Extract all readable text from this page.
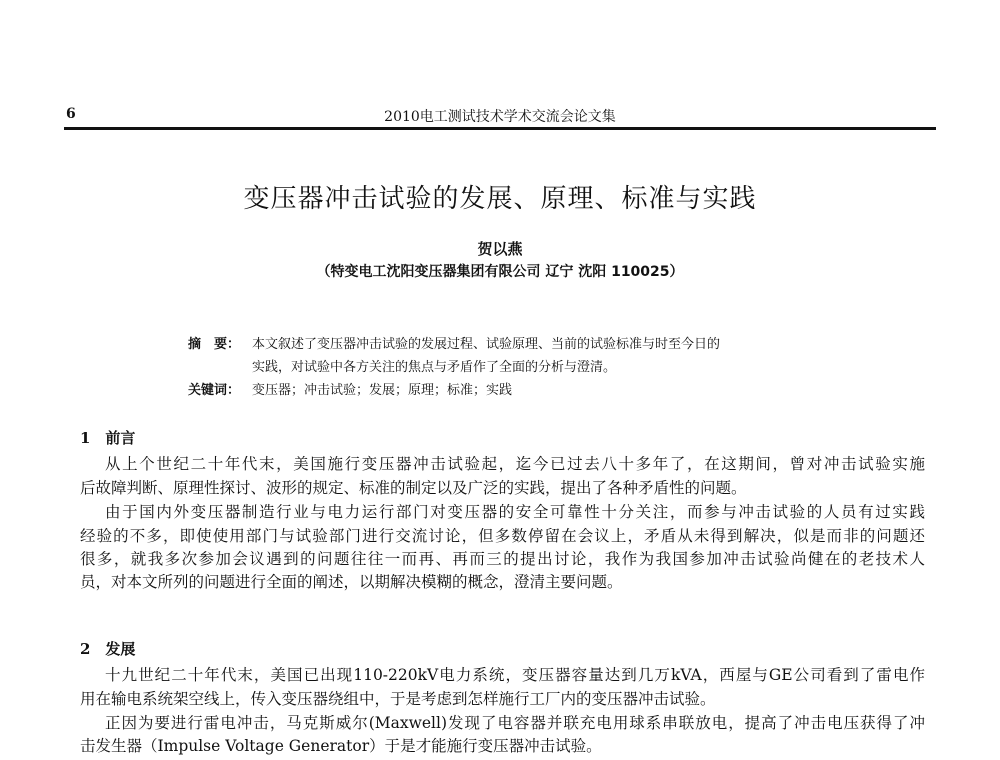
6	2010电工测试技术学术交流会论文集
变压器冲击试验的发展、原理、标准与实践
贺以燕
（特变电工沈阳变压器集团有限公司 辽宁 沈阳 110025）
摘　要： 本文叙述了变压器冲击试验的发展过程、试验原理、当前的试验标准与时至今日的
实践，对试验中各方关注的焦点与矛盾作了全面的分析与澄清。
关键词： 变压器；冲击试验；发展；原理；标准；实践
1　前言
从上个世纪二十年代末，美国施行变压器冲击试验起，迄今已过去八十多年了，在这期间，曾对冲击试验实施
后故障判断、原理性探讨、波形的规定、标准的制定以及广泛的实践，提出了各种矛盾性的问题。
由于国内外变压器制造行业与电力运行部门对变压器的安全可靠性十分关注，而参与冲击试验的人员有过实践
经验的不多，即使使用部门与试验部门进行交流讨论，但多数停留在会议上，矛盾从未得到解决，似是而非的问题还
很多，就我多次参加会议遇到的问题往往一而再、再而三的提出讨论，我作为我国参加冲击试验尚健在的老技术人
员，对本文所列的问题进行全面的阐述，以期解决模糊的概念，澄清主要问题。
2　发展
十九世纪二十年代末，美国已出现110-220kV电力系统，变压器容量达到几万kVA，西屋与GE公司看到了雷电作
用在输电系统架空线上，传入变压器绕组中，于是考虑到怎样施行工厂内的变压器冲击试验。
正因为要进行雷电冲击，马克斯威尔(Maxwell)发现了电容器并联充电用球系串联放电，提高了冲击电压获得了冲
击发生器（Impulse Voltage Generator）于是才能施行变压器冲击试验。
